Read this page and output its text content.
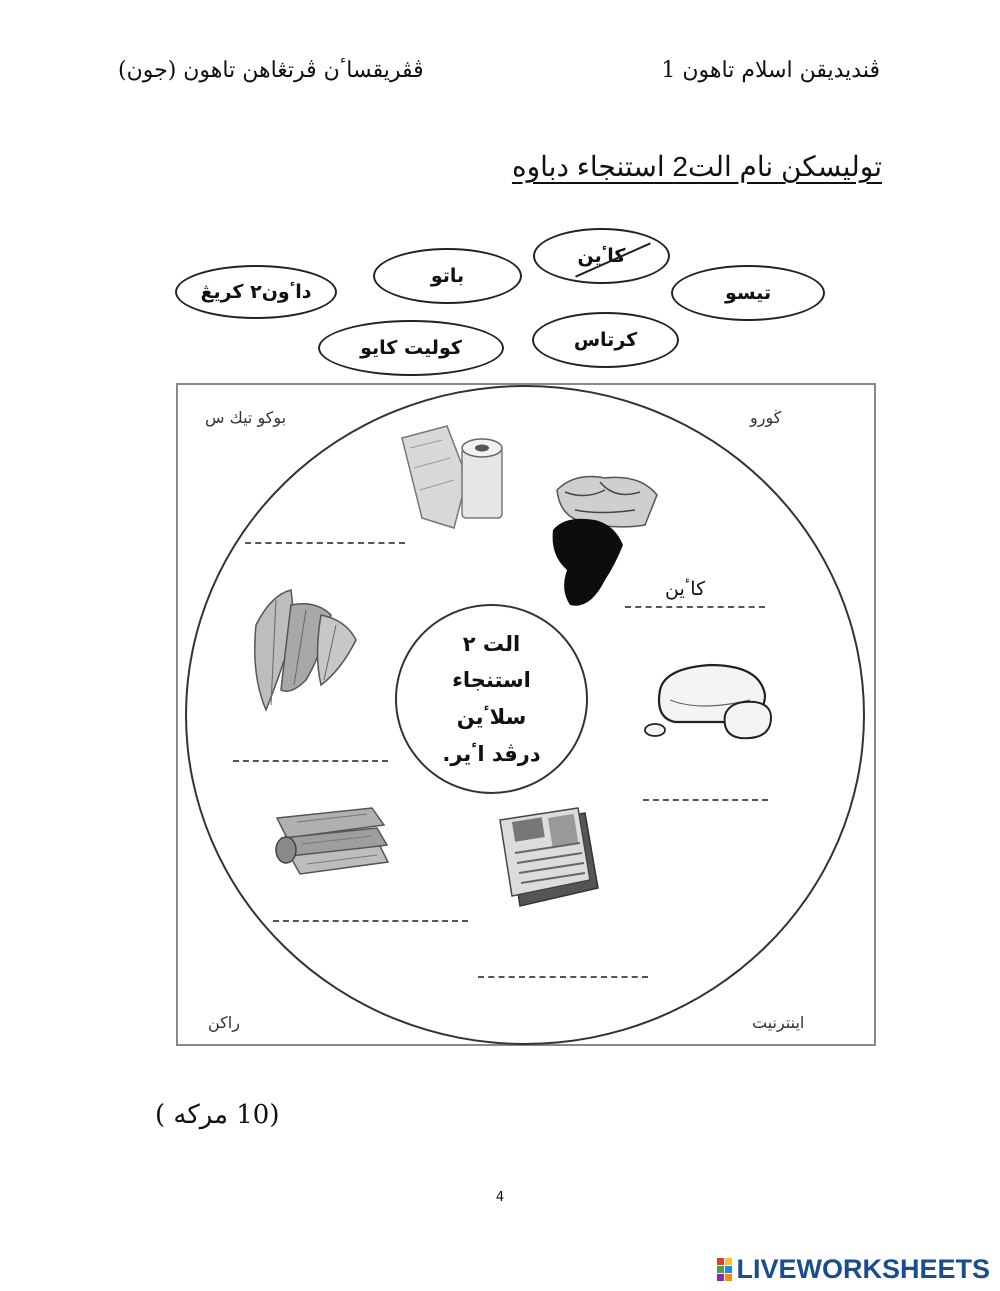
ڤنديديقن اسلام تاهون 1
ڤڤريقساٴن ڤرتڠاهن تاهون (جون)
توليسكن نام الت2 استنجاء دباوه
داٴون٢ كريڠ
باتو
كاٴين
تيسو
كوليت كايو	كرتاس
بوكو تيك س	ڬورو
راكن	اينترنيت
الت ٢
استنجاء
سلاٴين
درڤد اٴير.
كاٴين
(10 مركه )
4
LIVEWORKSHEETS
